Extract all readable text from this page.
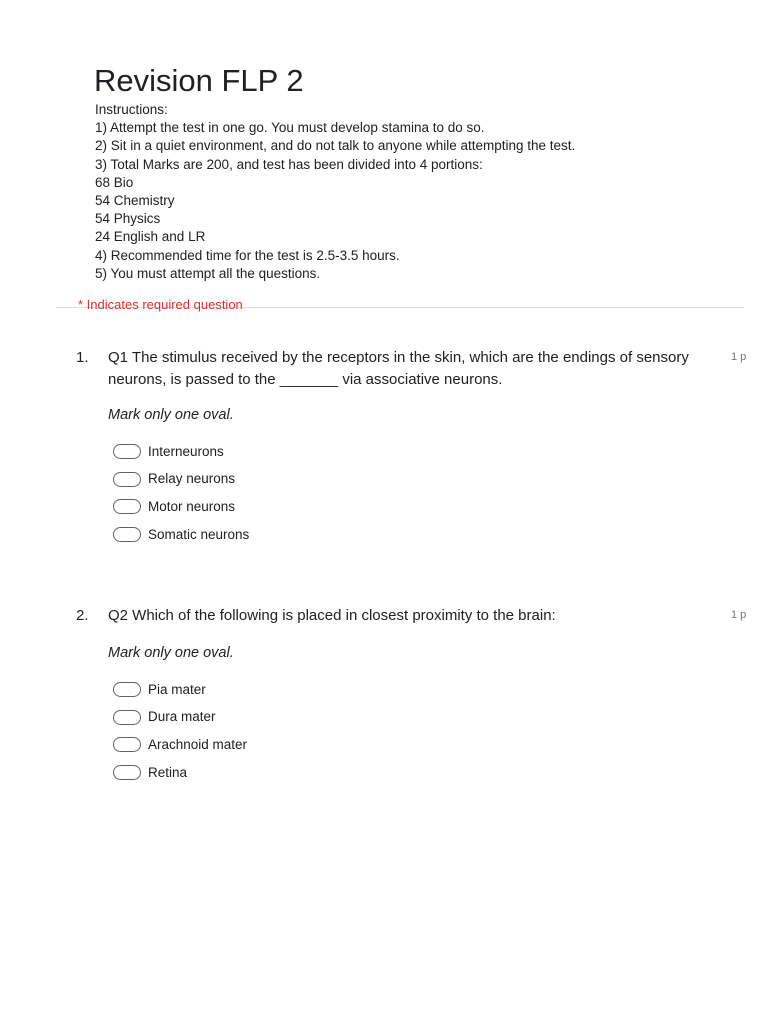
Revision FLP 2
Instructions:
1) Attempt the test in one go. You must develop stamina to do so.
2) Sit in a quiet environment, and do not talk to anyone while attempting the test.
3) Total Marks are 200, and test has been divided into 4 portions:
68 Bio
54 Chemistry
54 Physics
24 English and LR
4) Recommended time for the test is 2.5-3.5 hours.
5) You must attempt all the questions.
* Indicates required question
1. Q1 The stimulus received by the receptors in the skin, which are the endings of sensory neurons, is passed to the _______ via associative neurons.
1 p
Mark only one oval.
Interneurons
Relay neurons
Motor neurons
Somatic neurons
2. Q2 Which of the following is placed in closest proximity to the brain:	1 p
Mark only one oval.
Pia mater
Dura mater
Arachnoid mater
Retina
